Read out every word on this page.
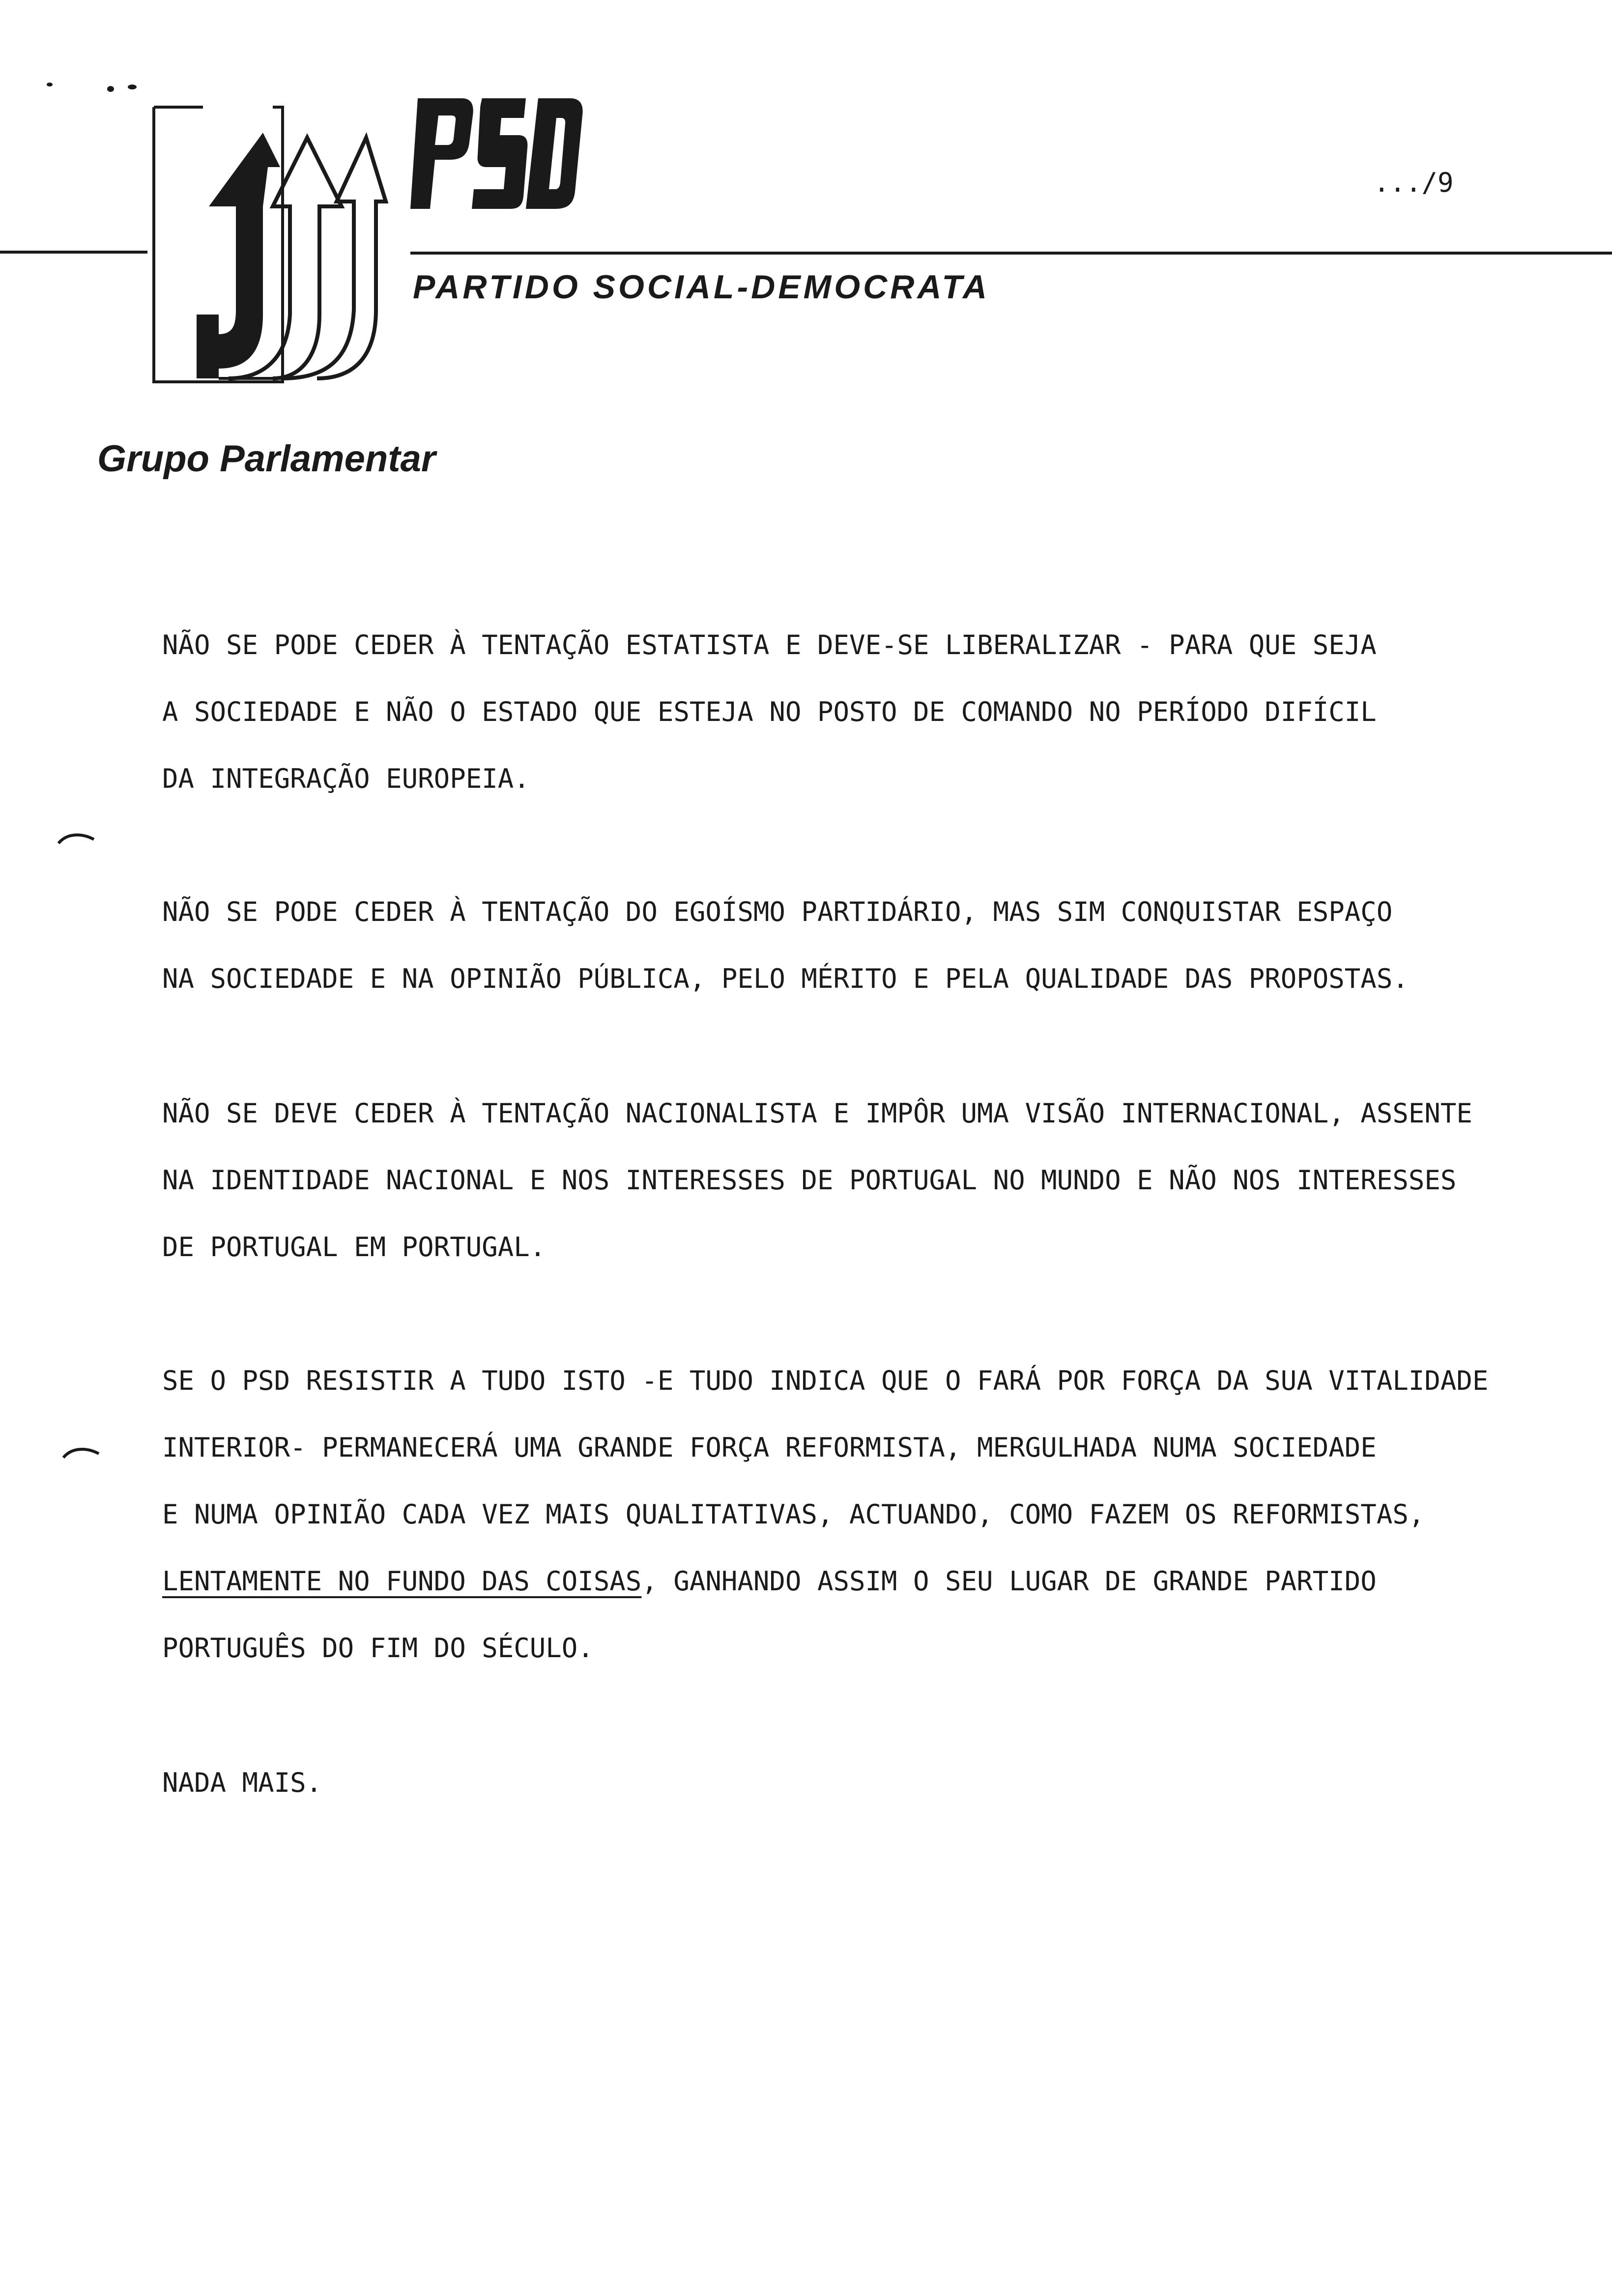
PARTIDO SOCIAL-DEMOCRATA
.../9
Grupo Parlamentar
NÃO SE PODE CEDER À TENTAÇÃO ESTATISTA E DEVE-SE LIBERALIZAR - PARA QUE SEJA
A SOCIEDADE E NÃO O ESTADO QUE ESTEJA NO POSTO DE COMANDO NO PERÍODO DIFÍCIL
DA INTEGRAÇÃO EUROPEIA.
NÃO SE PODE CEDER À TENTAÇÃO DO EGOÍSMO PARTIDÁRIO, MAS SIM CONQUISTAR ESPAÇO
NA SOCIEDADE E NA OPINIÃO PÚBLICA, PELO MÉRITO E PELA QUALIDADE DAS PROPOSTAS.
NÃO SE DEVE CEDER À TENTAÇÃO NACIONALISTA E IMPÔR UMA VISÃO INTERNACIONAL, ASSENTE
NA IDENTIDADE NACIONAL E NOS INTERESSES DE PORTUGAL NO MUNDO E NÃO NOS INTERESSES
DE PORTUGAL EM PORTUGAL.
SE O PSD RESISTIR A TUDO ISTO -E TUDO INDICA QUE O FARÁ POR FORÇA DA SUA VITALIDADE
INTERIOR- PERMANECERÁ UMA GRANDE FORÇA REFORMISTA, MERGULHADA NUMA SOCIEDADE
E NUMA OPINIÃO CADA VEZ MAIS QUALITATIVAS, ACTUANDO, COMO FAZEM OS REFORMISTAS,
LENTAMENTE NO FUNDO DAS COISAS, GANHANDO ASSIM O SEU LUGAR DE GRANDE PARTIDO
PORTUGUÊS DO FIM DO SÉCULO.
NADA MAIS.
